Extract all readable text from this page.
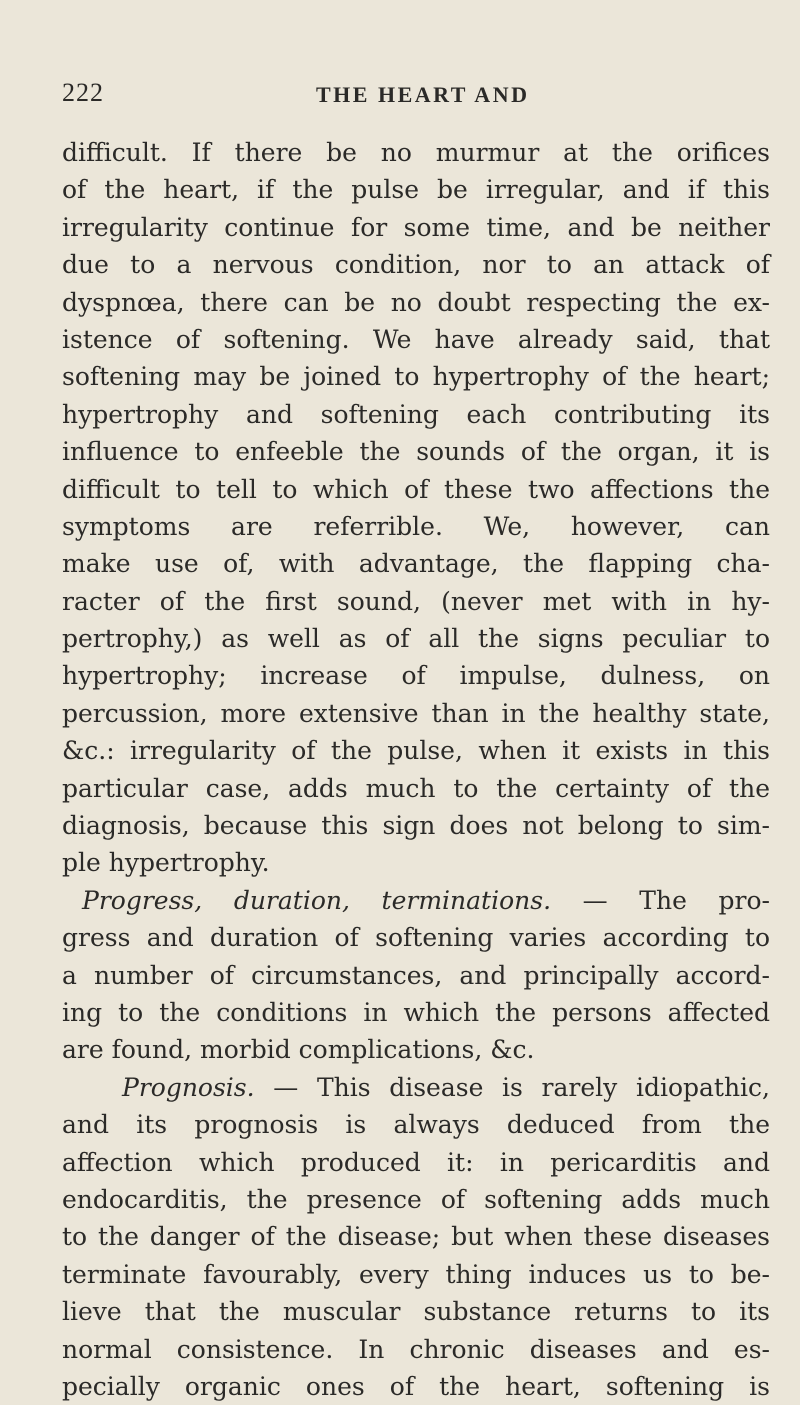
222	THE HEART AND
difficult. If there be no murmur at the orifices
of the heart, if the pulse be irregular, and if this
irregularity continue for some time, and be neither
due to a nervous condition, nor to an attack of
dyspnœa, there can be no doubt respecting the ex-
istence of softening. We have already said, that
softening may be joined to hypertrophy of the heart;
hypertrophy and softening each contributing its
influence to enfeeble the sounds of the organ, it is
difficult to tell to which of these two affections the
symptoms are referrible. We, however, can
make use of, with advantage, the flapping cha-
racter of the first sound, (never met with in hy-
pertrophy,) as well as of all the signs peculiar to
hypertrophy; increase of impulse, dulness, on
percussion, more extensive than in the healthy state,
&c.: irregularity of the pulse, when it exists in this
particular case, adds much to the certainty of the
diagnosis, because this sign does not belong to sim-
ple hypertrophy.
Progress, duration, terminations. — The pro-
gress and duration of softening varies according to
a number of circumstances, and principally accord-
ing to the conditions in which the persons affected
are found, morbid complications, &c.
Prognosis. — This disease is rarely idiopathic,
and its prognosis is always deduced from the
affection which produced it: in pericarditis and
endocarditis, the presence of softening adds much
to the danger of the disease; but when these diseases
terminate favourably, every thing induces us to be-
lieve that the muscular substance returns to its
normal consistence. In chronic diseases and es-
pecially organic ones of the heart, softening is
